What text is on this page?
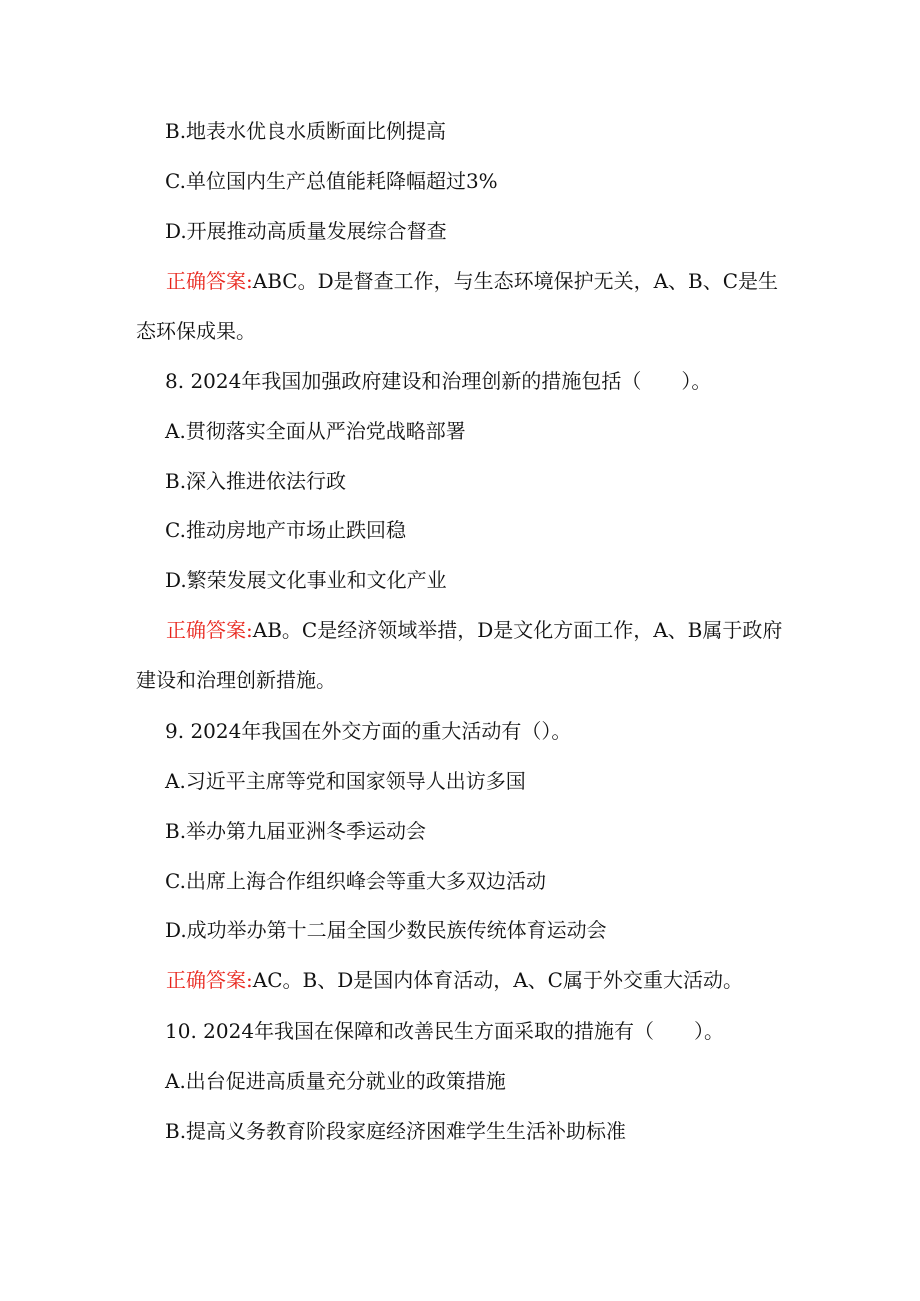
B.地表水优良水质断面比例提高
C.单位国内生产总值能耗降幅超过3%
D.开展推动高质量发展综合督查
正确答案:ABC。D是督查工作，与生态环境保护无关，A、B、C是生态环保成果。
8. 2024年我国加强政府建设和治理创新的措施包括（　　）。
A.贯彻落实全面从严治党战略部署
B.深入推进依法行政
C.推动房地产市场止跌回稳
D.繁荣发展文化事业和文化产业
正确答案:AB。C是经济领域举措，D是文化方面工作，A、B属于政府建设和治理创新措施。
9. 2024年我国在外交方面的重大活动有（）。
A.习近平主席等党和国家领导人出访多国
B.举办第九届亚洲冬季运动会
C.出席上海合作组织峰会等重大多双边活动
D.成功举办第十二届全国少数民族传统体育运动会
正确答案:AC。B、D是国内体育活动，A、C属于外交重大活动。
10. 2024年我国在保障和改善民生方面采取的措施有（　　）。
A.出台促进高质量充分就业的政策措施
B.提高义务教育阶段家庭经济困难学生生活补助标准
